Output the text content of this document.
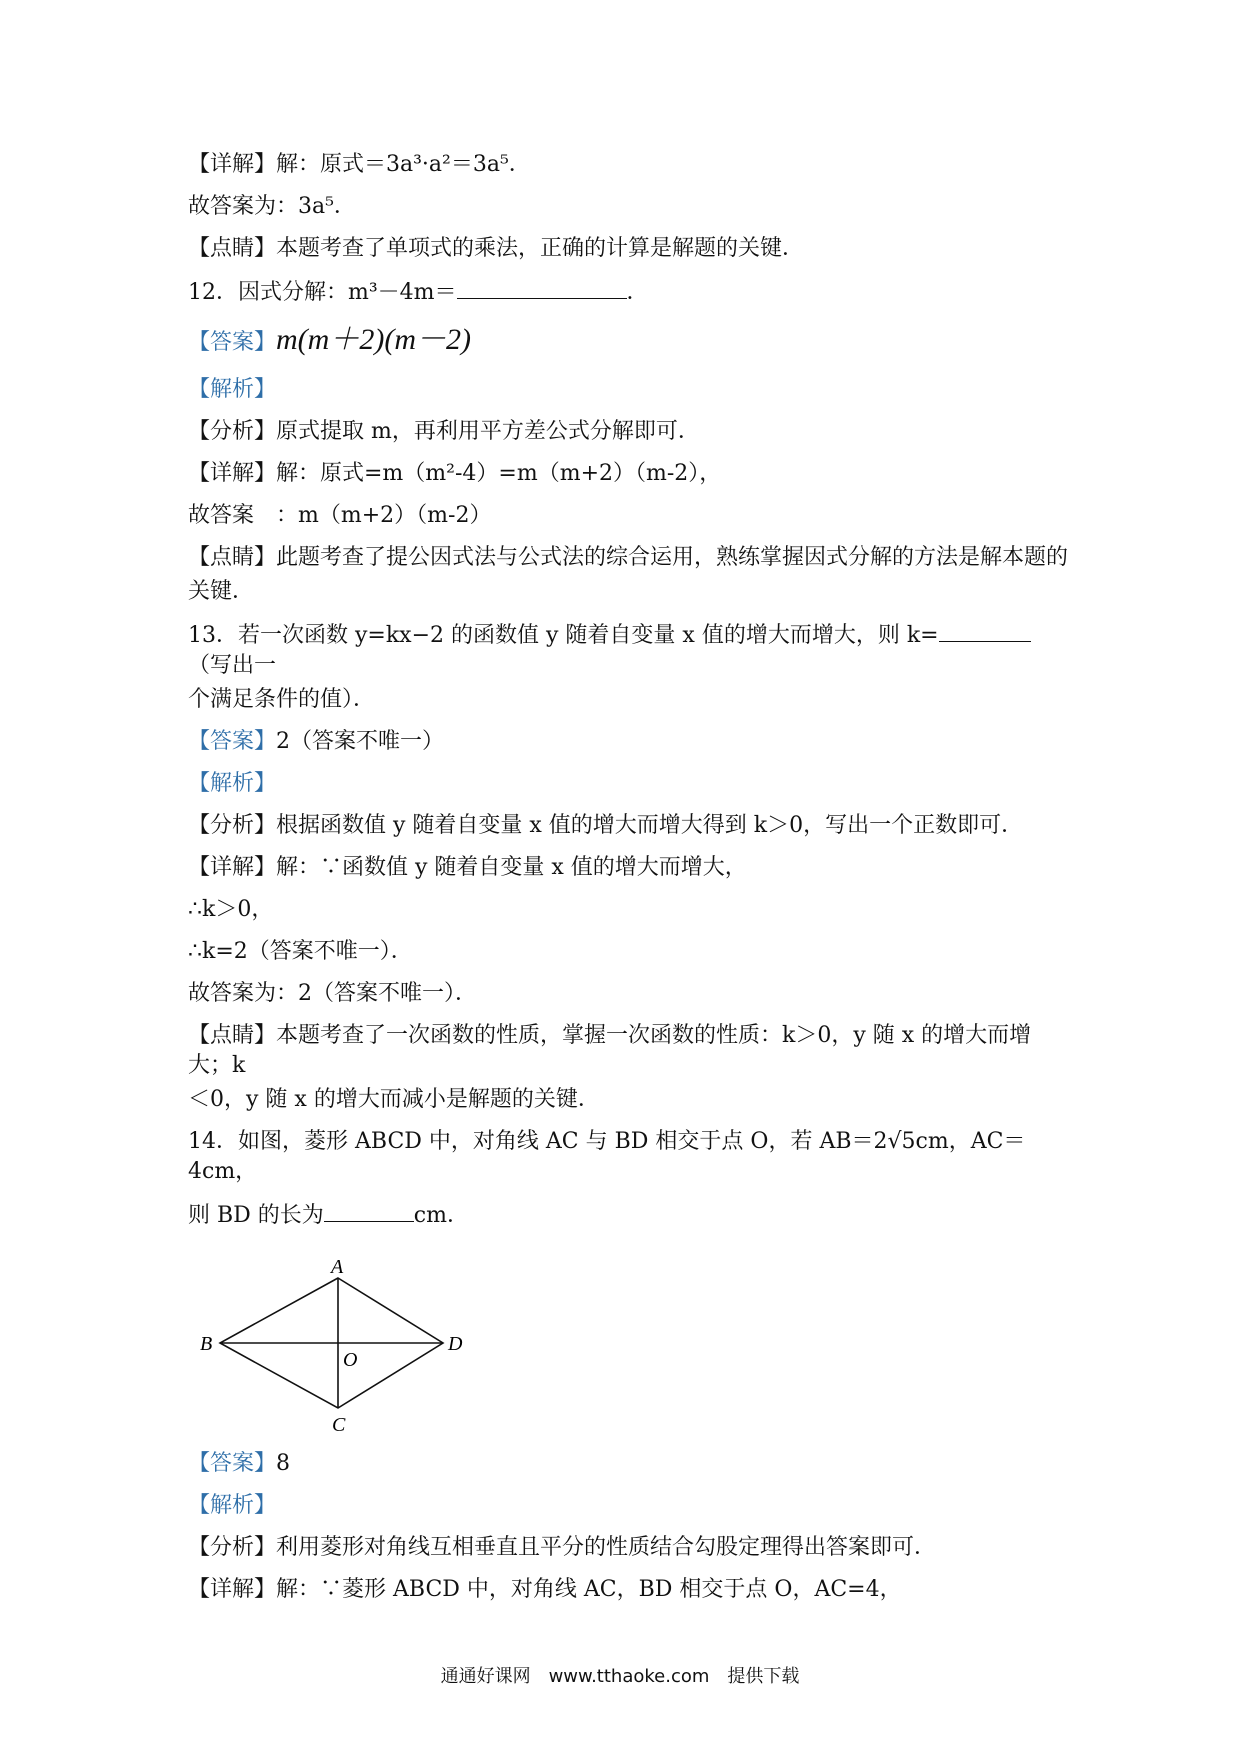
【详解】解：原式＝3a³·a²＝3a⁵．
故答案为：3a⁵．
【点睛】本题考查了单项式的乘法，正确的计算是解题的关键．
12．因式分解：m³－4m＝	．
【答案】m(m＋2)(m－2)
【解析】
【分析】原式提取 m，再利用平方差公式分解即可．
【详解】解：原式=m（m²-4）=m（m+2）（m-2），
故答案　：m（m+2）（m-2）
【点睛】此题考查了提公因式法与公式法的综合运用，熟练掌握因式分解的方法是解本题的
关键．
13．若一次函数 y=kx−2 的函数值 y 随着自变量 x 值的增大而增大，则 k=（写出一
个满足条件的值）．
【答案】2（答案不唯一）
【解析】
【分析】根据函数值 y 随着自变量 x 值的增大而增大得到 k＞0，写出一个正数即可．
【详解】解：∵函数值 y 随着自变量 x 值的增大而增大，
∴k＞0，
∴k=2（答案不唯一）．
故答案为：2（答案不唯一）．
【点睛】本题考查了一次函数的性质，掌握一次函数的性质：k＞0，y 随 x 的增大而增大；k
＜0，y 随 x 的增大而减小是解题的关键．
14．如图，菱形 ABCD 中，对角线 AC 与 BD 相交于点 O，若 AB＝2√5cm，AC＝4cm，
则 BD 的长为	cm．
A
B
C
D
O
【答案】8
【解析】
【分析】利用菱形对角线互相垂直且平分的性质结合勾股定理得出答案即可．
【详解】解：∵菱形 ABCD 中，对角线 AC，BD 相交于点 O，AC=4，
通通好课网　www.tthaoke.com　提供下载
